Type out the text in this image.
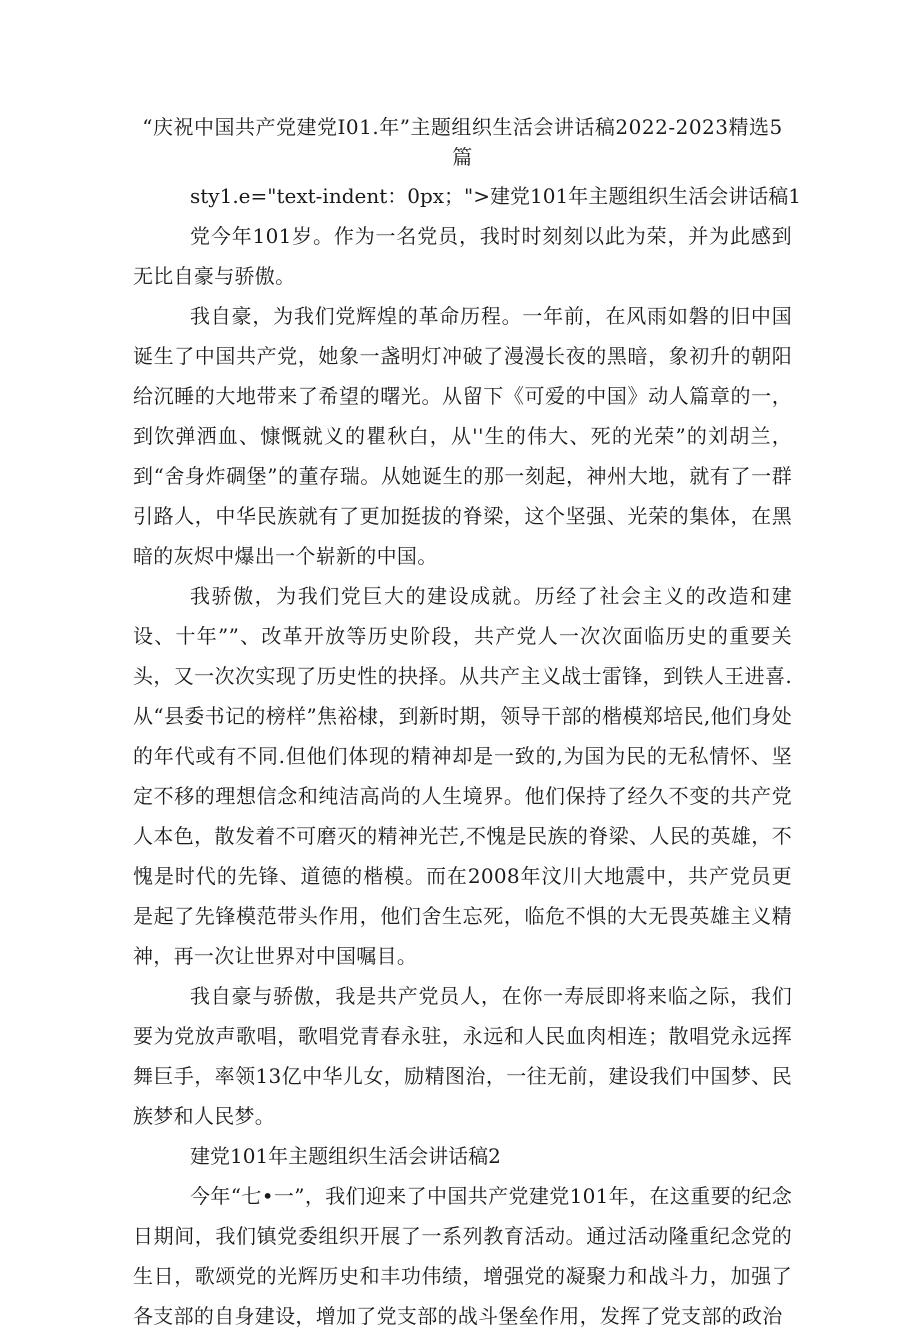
“庆祝中国共产党建党I01.年”主题组织生活会讲话稿2022-2023精选5篇

sty1.e="text-indent：0px；">建党101年主题组织生活会讲话稿1

党今年101岁。作为一名党员，我时时刻刻以此为荣，并为此感到无比自豪与骄傲。

我自豪，为我们党辉煌的革命历程。一年前，在风雨如磐的旧中国诞生了中国共产党，她象一盏明灯冲破了漫漫长夜的黑暗，象初升的朝阳给沉睡的大地带来了希望的曙光。从留下《可爱的中国》动人篇章的一，到饮弹洒血、慷慨就义的瞿秋白，从''生的伟大、死的光荣”的刘胡兰，到“舍身炸碉堡”的董存瑞。从她诞生的那一刻起，神州大地，就有了一群引路人，中华民族就有了更加挺拔的脊梁，这个坚强、光荣的集体，在黑暗的灰烬中爆出一个崭新的中国。

我骄傲，为我们党巨大的建设成就。历经了社会主义的改造和建设、十年””、改革开放等历史阶段，共产党人一次次面临历史的重要关头，又一次次实现了历史性的抉择。从共产主义战士雷锋，到铁人王进喜.从“县委书记的榜样”焦裕棣，到新时期，领导干部的楷模郑培民,他们身处的年代或有不同.但他们体现的精神却是一致的,为国为民的无私情怀、坚定不移的理想信念和纯洁高尚的人生境界。他们保持了经久不变的共产党人本色，散发着不可磨灭的精神光芒,不愧是民族的脊梁、人民的英雄，不愧是时代的先锋、道德的楷模。而在2008年汶川大地震中，共产党员更是起了先锋模范带头作用，他们舍生忘死，临危不惧的大无畏英雄主义精神，再一次让世界对中国嘱目。

我自豪与骄傲，我是共产党员人，在你一寿辰即将来临之际，我们要为党放声歌唱，歌唱党青春永驻，永远和人民血肉相连；散唱党永远挥舞巨手，率领13亿中华儿女，励精图治，一往无前，建设我们中国梦、民族梦和人民梦。

建党101年主题组织生活会讲话稿2

今年“七•一”，我们迎来了中国共产党建党101年，在这重要的纪念日期间，我们镇党委组织开展了一系列教育活动。通过活动隆重纪念党的生日，歌颂党的光辉历史和丰功伟绩，增强党的凝聚力和战斗力，加强了各支部的自身建设，增加了党支部的战斗堡垒作用，发挥了党支部的政治
